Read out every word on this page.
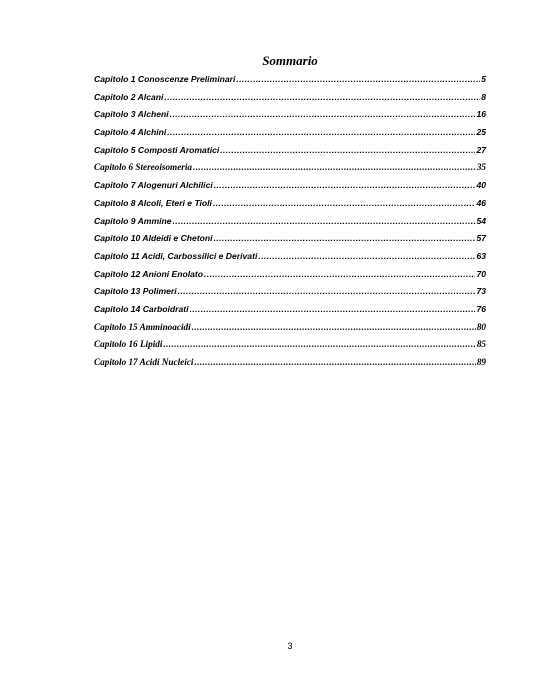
Sommario
Capitolo 1 Conoscenze Preliminari .....	5
Capitolo 2 Alcani .....	8
Capitolo 3 Alcheni .....	16
Capitolo 4 Alchini .....	25
Capitolo 5 Composti Aromatici .....	27
Capitolo 6 Stereoisomeria .....	35
Capitolo 7 Alogenuri Alchilici .....	40
Capitolo 8 Alcoli, Eteri e Tioli .....	46
Capitolo 9 Ammine .....	54
Capitolo 10 Aldeidi e Chetoni .....	57
Capitolo 11 Acidi, Carbossilici e Derivati .....	63
Capitolo 12 Anioni Enolato .....	70
Capitolo 13 Polimeri .....	73
Capitolo 14 Carboidrati .....	76
Capitolo 15 Amminoacidi .....	80
Capitolo 16 Lipidi .....	85
Capitolo 17 Acidi Nucleici .....	89
3
